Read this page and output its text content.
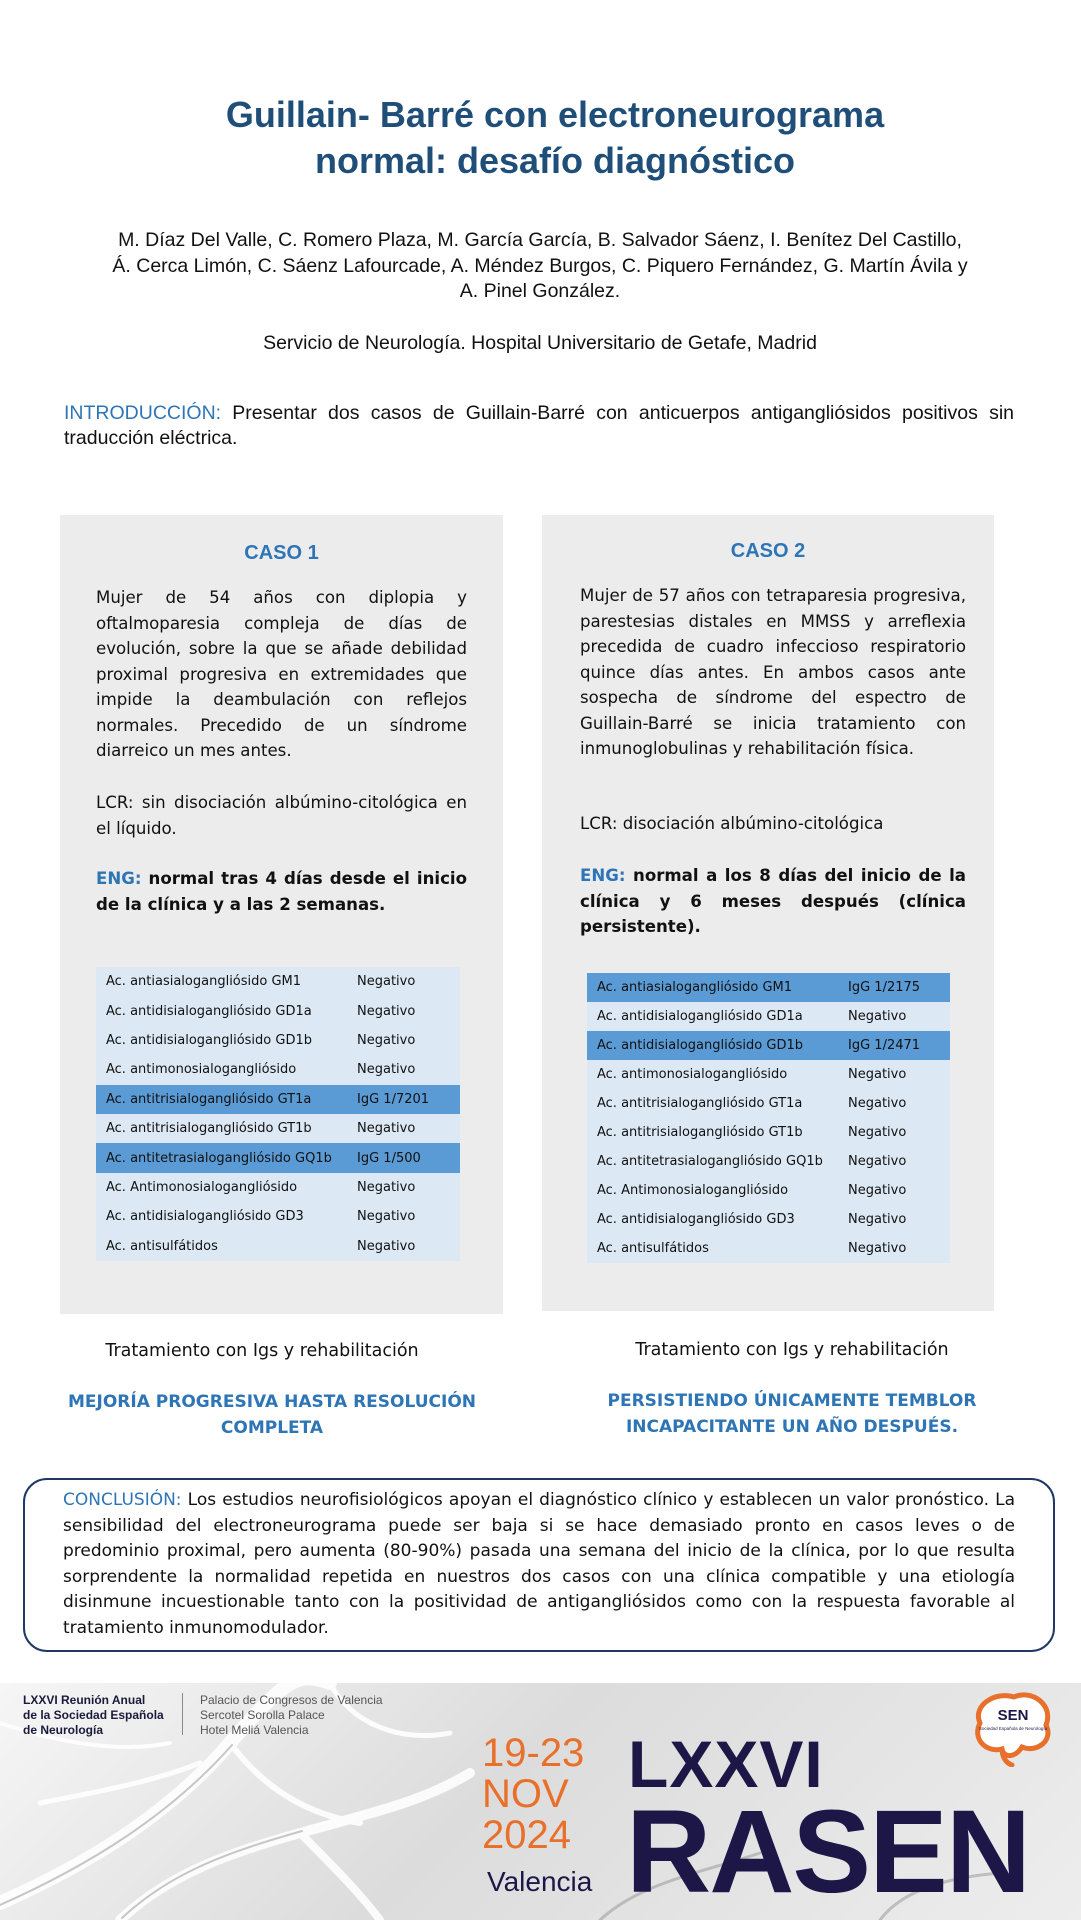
Guillain- Barré con electroneurograma
normal: desafío diagnóstico
M. Díaz Del Valle, C. Romero Plaza, M. García García, B. Salvador Sáenz, I. Benítez Del Castillo,
Á. Cerca Limón, C. Sáenz Lafourcade, A. Méndez Burgos, C. Piquero Fernández, G. Martín Ávila y
A. Pinel González.
Servicio de Neurología. Hospital Universitario de Getafe, Madrid
INTRODUCCIÓN: Presentar dos casos de Guillain-Barré con anticuerpos antigangliósidos positivos sin traducción eléctrica.
CASO 1
Mujer de 54 años con diplopia y oftalmoparesia compleja de días de evolución, sobre la que se añade debilidad proximal progresiva en extremidades que impide la deambulación con reflejos normales. Precedido de un síndrome diarreico un mes antes.
LCR: sin disociación albúmino-citológica en el líquido.
ENG: normal tras 4 días desde el inicio de la clínica y a las 2 semanas.
Ac. antiasialogangliósido GM1	Negativo
Ac. antidisialogangliósido GD1a	Negativo
Ac. antidisialogangliósido GD1b	Negativo
Ac. antimonosialogangliósido	Negativo
Ac. antitrisialogangliósido GT1a	IgG 1/7201
Ac. antitrisialogangliósido GT1b	Negativo
Ac. antitetrasialogangliósido GQ1b	IgG 1/500
Ac. Antimonosialogangliósido	Negativo
Ac. antidisialogangliósido GD3	Negativo
Ac. antisulfátidos	Negativo
CASO 2
Mujer de 57 años con tetraparesia progresiva, parestesias distales en MMSS y arreflexia precedida de cuadro infeccioso respiratorio quince días antes. En ambos casos ante sospecha de síndrome del espectro de Guillain-Barré se inicia tratamiento con inmunoglobulinas y rehabilitación física.
LCR: disociación albúmino-citológica
ENG: normal a los 8 días del inicio de la clínica y 6 meses después (clínica persistente).
Ac. antiasialogangliósido GM1	IgG 1/2175
Ac. antidisialogangliósido GD1a	Negativo
Ac. antidisialogangliósido GD1b	IgG 1/2471
Ac. antimonosialogangliósido	Negativo
Ac. antitrisialogangliósido GT1a	Negativo
Ac. antitrisialogangliósido GT1b	Negativo
Ac. antitetrasialogangliósido GQ1b	Negativo
Ac. Antimonosialogangliósido	Negativo
Ac. antidisialogangliósido GD3	Negativo
Ac. antisulfátidos	Negativo
Tratamiento con Igs y rehabilitación
MEJORÍA PROGRESIVA HASTA RESOLUCIÓN
COMPLETA
Tratamiento con Igs y rehabilitación
PERSISTIENDO ÚNICAMENTE TEMBLOR
INCAPACITANTE UN AÑO DESPUÉS.

CONCLUSIÓN: Los estudios neurofisiológicos apoyan el diagnóstico clínico y establecen un valor pronóstico. La sensibilidad del electroneurograma puede ser baja si se hace demasiado pronto en casos leves o de predominio proximal, pero aumenta (80-90%) pasada una semana del inicio de la clínica, por lo que resulta sorprendente la normalidad repetida en nuestros dos casos con una clínica compatible y una etiología disinmune incuestionable tanto con la positividad de antigangliósidos como con la respuesta favorable al tratamiento inmunomodulador.

LXXVI Reunión Anual
de la Sociedad Española
de Neurología
Palacio de Congresos de Valencia
Sercotel Sorolla Palace
Hotel Meliá Valencia
19-23
NOV
2024
Valencia
LXXVI
RASEN
SEN
Sociedad Española de Neurología
